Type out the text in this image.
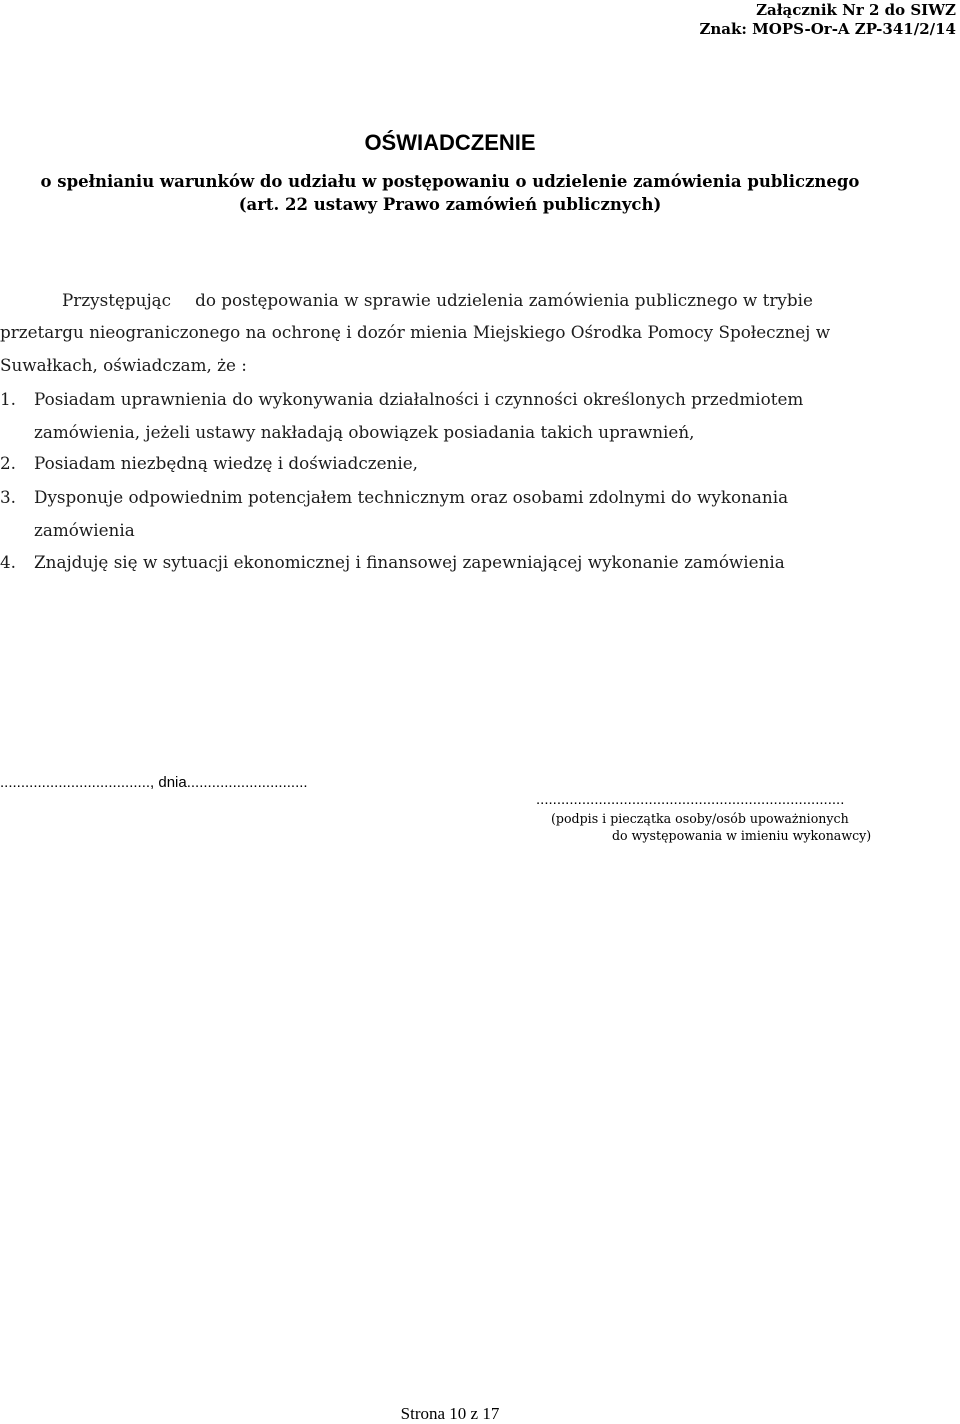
Załącznik Nr 2 do SIWZ
Znak: MOPS-Or-A ZP-341/2/14
OŚWIADCZENIE
o spełnianiu warunków do udziału w postępowaniu o udzielenie zamówienia publicznego
(art. 22 ustawy Prawo zamówień publicznych)
Przystępując do postępowania w sprawie udzielenia zamówienia publicznego w trybie
przetargu nieograniczonego na ochronę i dozór mienia Miejskiego Ośrodka Pomocy Społecznej w
Suwałkach, oświadczam, że :
1. Posiadam uprawnienia do wykonywania działalności i czynności określonych przedmiotem
zamówienia, jeżeli ustawy nakładają obowiązek posiadania takich uprawnień,
2. Posiadam niezbędną wiedzę i doświadczenie,
3. Dysponuje odpowiednim potencjałem technicznym oraz osobami zdolnymi do wykonania
zamówienia
4. Znajduję się w sytuacji ekonomicznej i finansowej zapewniającej wykonanie zamówienia
...................................., dnia.............................
..........................................................................
(podpis i pieczątka osoby/osób upoważnionych
do występowania w imieniu wykonawcy)
Strona 10 z 17
